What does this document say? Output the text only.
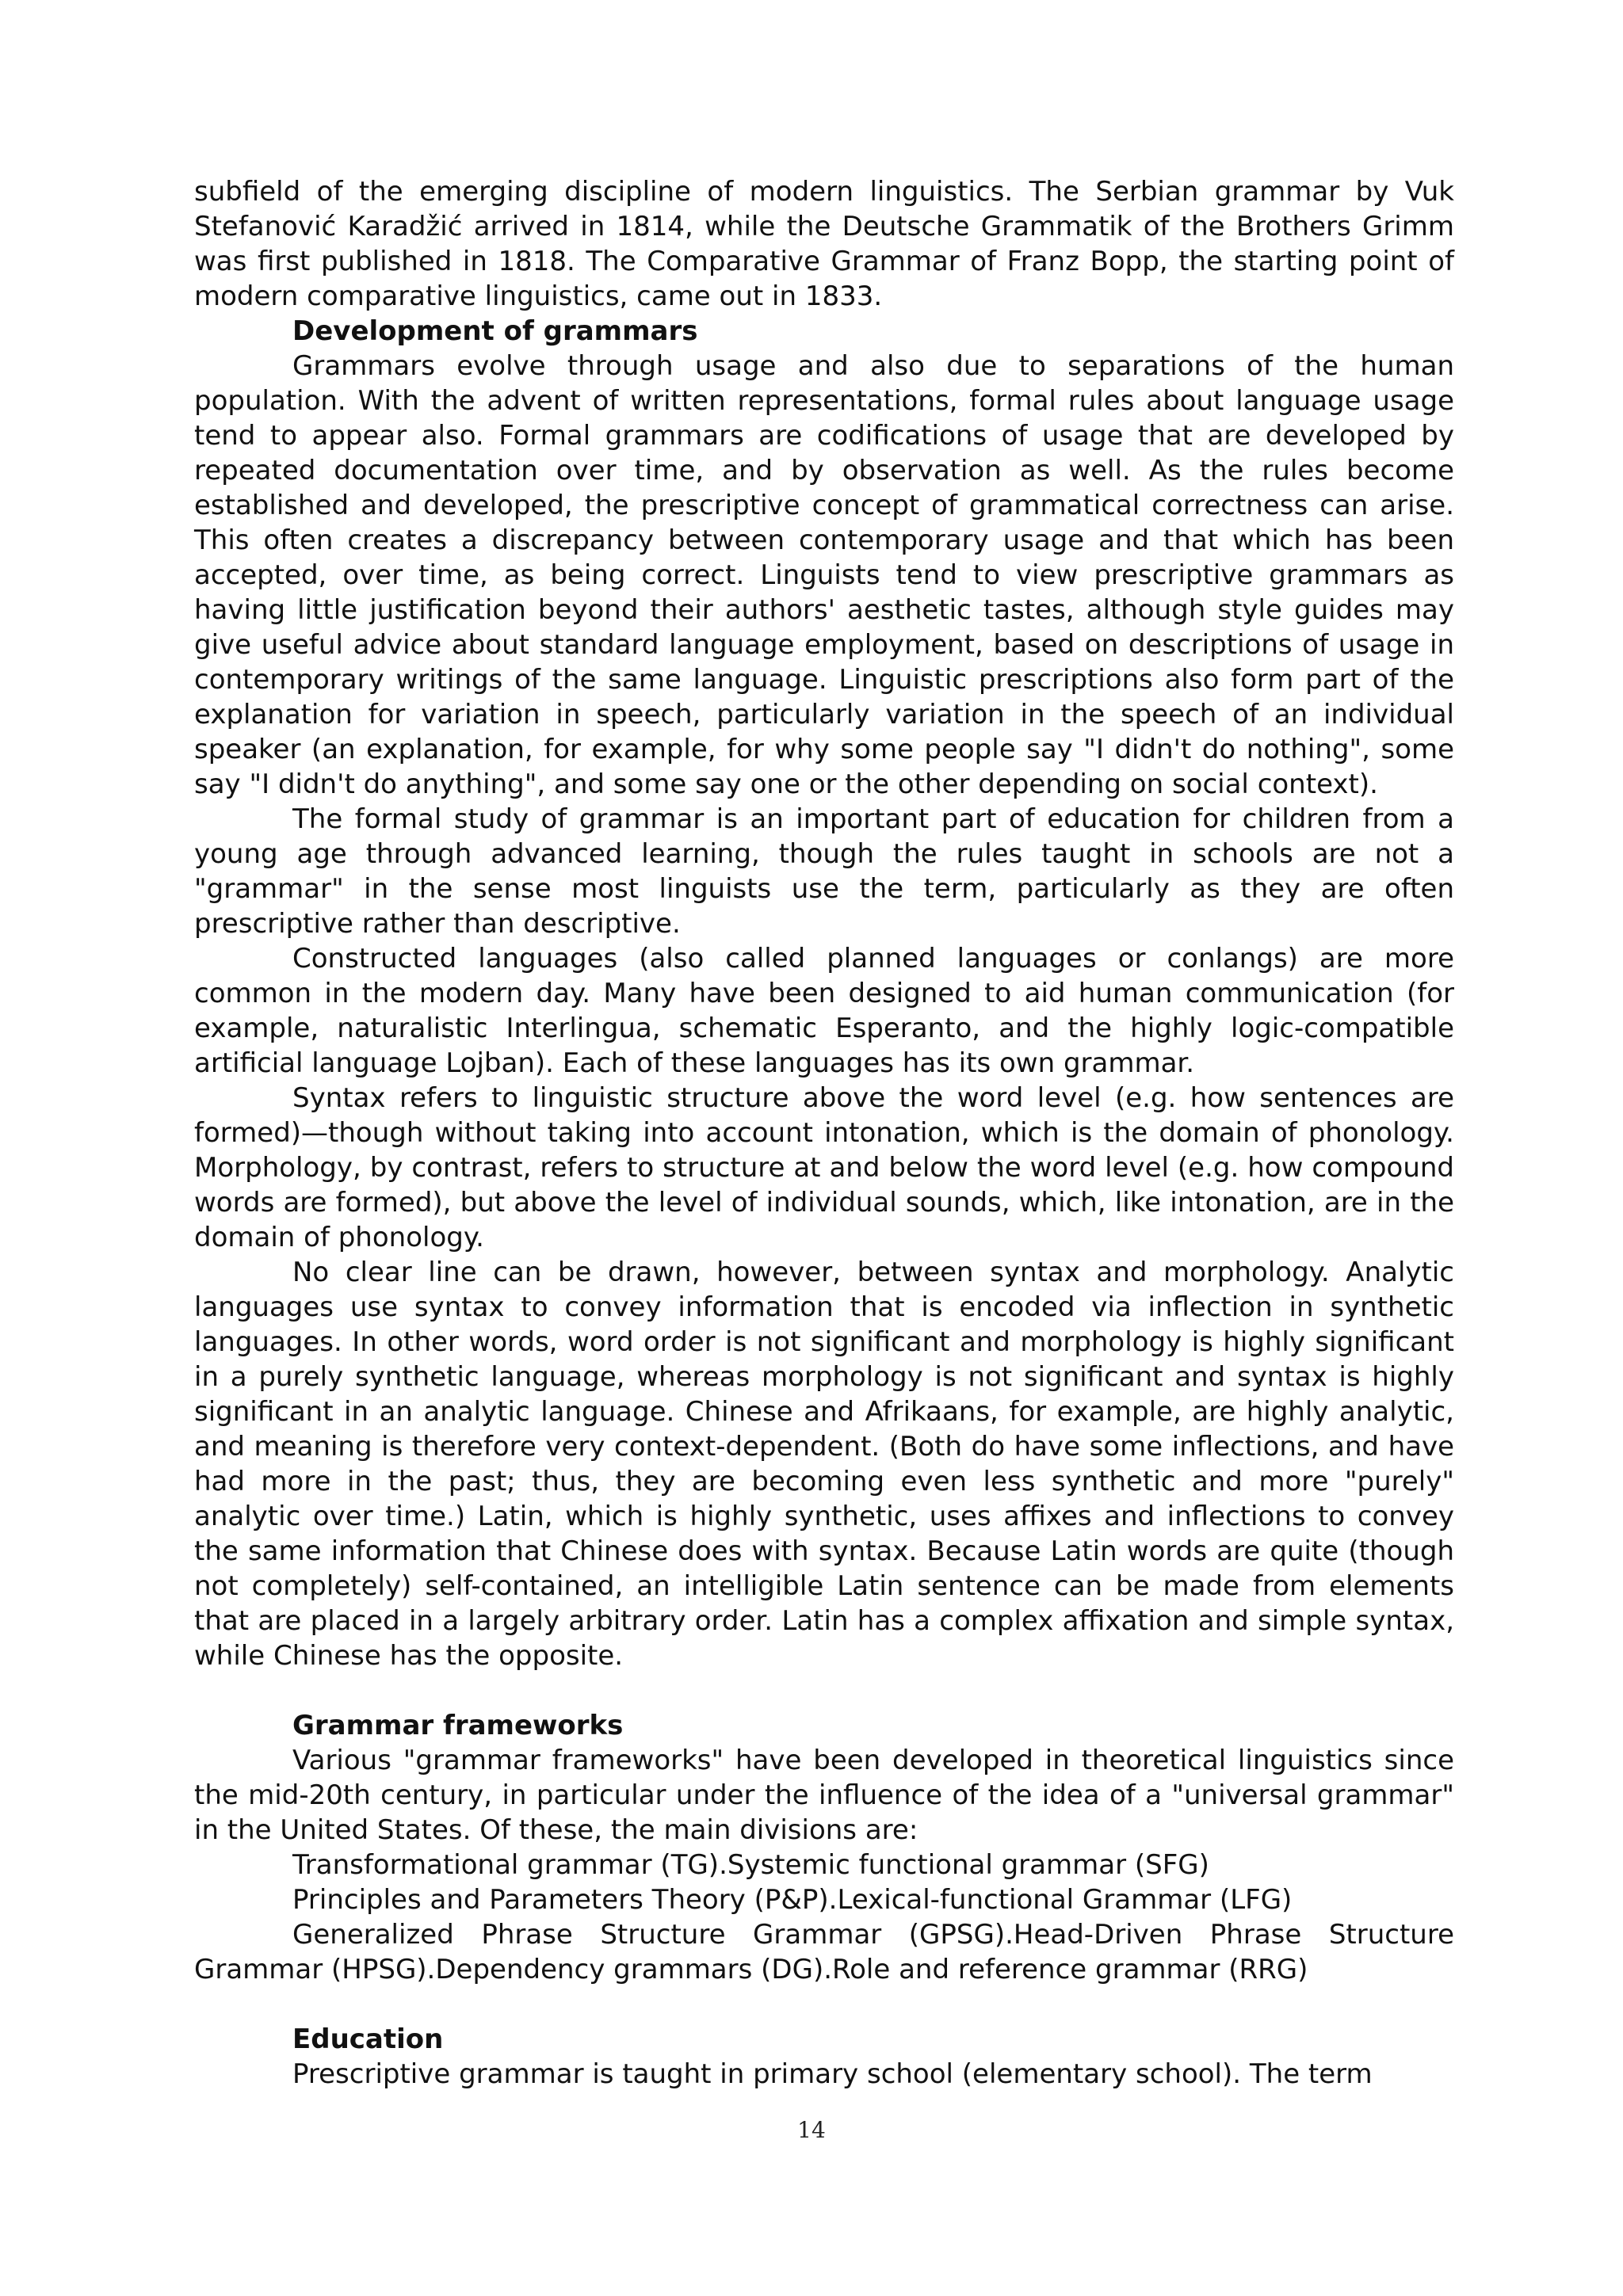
subfield of the emerging discipline of modern linguistics. The Serbian grammar by Vuk Stefanović Karadžić arrived in 1814, while the Deutsche Grammatik of the Brothers Grimm was first published in 1818. The Comparative Grammar of Franz Bopp, the starting point of modern comparative linguistics, came out in 1833.

Development of grammars

Grammars evolve through usage and also due to separations of the human population. With the advent of written representations, formal rules about language usage tend to appear also. Formal grammars are codifications of usage that are developed by repeated documentation over time, and by observation as well. As the rules become established and developed, the prescriptive concept of grammatical correctness can arise. This often creates a discrepancy between contemporary usage and that which has been accepted, over time, as being correct. Linguists tend to view prescriptive grammars as having little justification beyond their authors' aesthetic tastes, although style guides may give useful advice about standard language employment, based on descriptions of usage in contemporary writings of the same language. Linguistic prescriptions also form part of the explanation for variation in speech, particularly variation in the speech of an individual speaker (an explanation, for example, for why some people say "I didn't do nothing", some say "I didn't do anything", and some say one or the other depending on social context).

The formal study of grammar is an important part of education for children from a young age through advanced learning, though the rules taught in schools are not a "grammar" in the sense most linguists use the term, particularly as they are often prescriptive rather than descriptive.

Constructed languages (also called planned languages or conlangs) are more common in the modern day. Many have been designed to aid human communication (for example, naturalistic Interlingua, schematic Esperanto, and the highly logic-compatible artificial language Lojban). Each of these languages has its own grammar.

Syntax refers to linguistic structure above the word level (e.g. how sentences are formed)—though without taking into account intonation, which is the domain of phonology. Morphology, by contrast, refers to structure at and below the word level (e.g. how compound words are formed), but above the level of individual sounds, which, like intonation, are in the domain of phonology.

No clear line can be drawn, however, between syntax and morphology. Analytic languages use syntax to convey information that is encoded via inflection in synthetic languages. In other words, word order is not significant and morphology is highly significant in a purely synthetic language, whereas morphology is not significant and syntax is highly significant in an analytic language. Chinese and Afrikaans, for example, are highly analytic, and meaning is therefore very context-dependent. (Both do have some inflections, and have had more in the past; thus, they are becoming even less synthetic and more "purely" analytic over time.) Latin, which is highly synthetic, uses affixes and inflections to convey the same information that Chinese does with syntax. Because Latin words are quite (though not completely) self-contained, an intelligible Latin sentence can be made from elements that are placed in a largely arbitrary order. Latin has a complex affixation and simple syntax, while Chinese has the opposite.

Grammar frameworks

Various "grammar frameworks" have been developed in theoretical linguistics since the mid-20th century, in particular under the influence of the idea of a "universal grammar" in the United States. Of these, the main divisions are:

Transformational grammar (TG).Systemic functional grammar (SFG)

Principles and Parameters Theory (P&P).Lexical-functional Grammar (LFG)

Generalized Phrase Structure Grammar (GPSG).Head-Driven Phrase Structure Grammar (HPSG).Dependency grammars (DG).Role and reference grammar (RRG)

Education

Prescriptive grammar is taught in primary school (elementary school). The term

14
